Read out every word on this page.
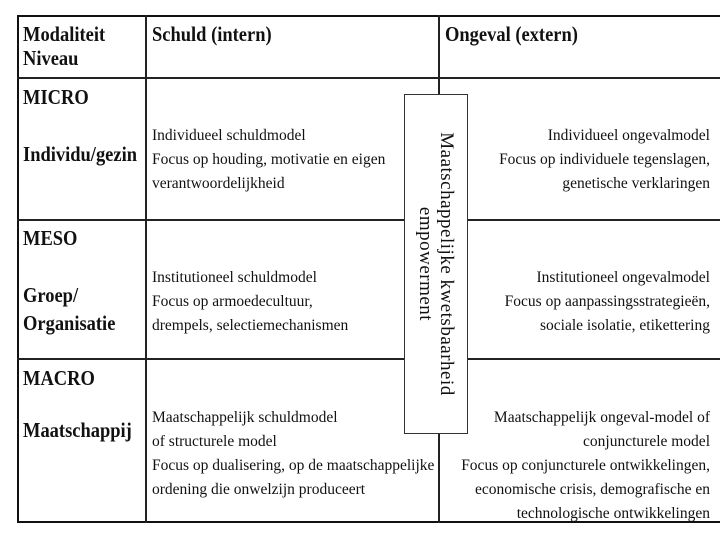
Modaliteit
Niveau
Schuld (intern)	Ongeval (extern)
MICRO
Individu/gezin
Individueel schuldmodel
Focus op houding, motivatie en eigen
verantwoordelijkheid
Individueel ongevalmodel
Focus op individuele tegenslagen,
genetische verklaringen
MESO
Groep/
Organisatie
Institutioneel schuldmodel
Focus op armoedecultuur,
drempels, selectiemechanismen
Institutioneel ongevalmodel
Focus op aanpassingsstrategieën,
sociale isolatie, etikettering
MACRO
Maatschappij
Maatschappelijk schuldmodel
of structurele model
Focus op dualisering, op de maatschappelijke
ordening die onwelzijn produceert
Maatschappelijk ongeval-model of
conjuncturele model
Focus op conjuncturele ontwikkelingen,
economische crisis, demografische en
technologische ontwikkelingen
Maatschappelijke kwetsbaarheid
empowerment
